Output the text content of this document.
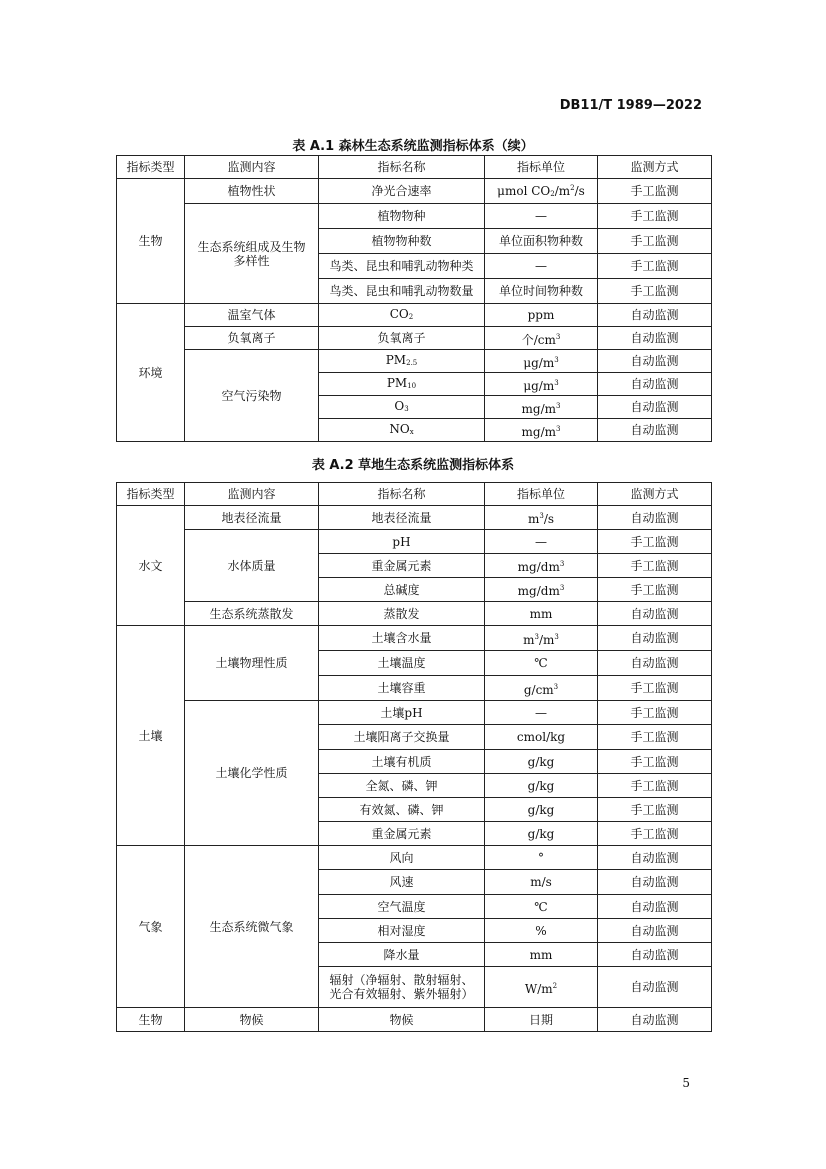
DB11/T 1989—2022
表 A.1 森林生态系统监测指标体系（续）
指标类型	监测内容	指标名称	指标单位	监测方式
生物	植物性状	净光合速率	μmol $CO2/m^2/s$	手工监测
	生态系统组成及生物
多样性	植物物种	—	手工监测
		植物物种数	单位面积物种数	手工监测
		鸟类、昆虫和哺乳动物种类	—	手工监测
		鸟类、昆虫和哺乳动物数量	单位时间物种数	手工监测
环境	温室气体	CO2	ppm	自动监测
	负氧离子	负氧离子	个$/cm^3$	自动监测
	空气污染物	PM2.5	$\mu g/m^3$	自动监测
		PM10	$\mu g/m^3$	自动监测
		O3	$mg/m^3$	自动监测
		NOx	$mg/m^3$	自动监测
表 A.2 草地生态系统监测指标体系
指标类型	监测内容	指标名称	指标单位	监测方式
水文	地表径流量	地表径流量	$m^3/s$	自动监测
	水体质量	pH	—	手工监测
		重金属元素	$mg/dm^3$	手工监测
		总碱度	$mg/dm^3$	手工监测
	生态系统蒸散发	蒸散发	mm	自动监测
土壤	土壤物理性质	土壤含水量	$m^3/m^3$	自动监测
		土壤温度	℃	自动监测
		土壤容重	$g/cm^3$	手工监测
	土壤化学性质	土壤pH	—	手工监测
		土壤阳离子交换量	cmol/kg	手工监测
		土壤有机质	g/kg	手工监测
		全氮、磷、钾	g/kg	手工监测
		有效氮、磷、钾	g/kg	手工监测
		重金属元素	g/kg	手工监测
气象	生态系统微气象	风向	°	自动监测
		风速	m/s	自动监测
		空气温度	℃	自动监测
		相对湿度	%	自动监测
		降水量	mm	自动监测
		辐射（净辐射、散射辐射、
光合有效辐射、紫外辐射）	$W/m^2$	自动监测
生物	物候	物候	日期	自动监测
5
